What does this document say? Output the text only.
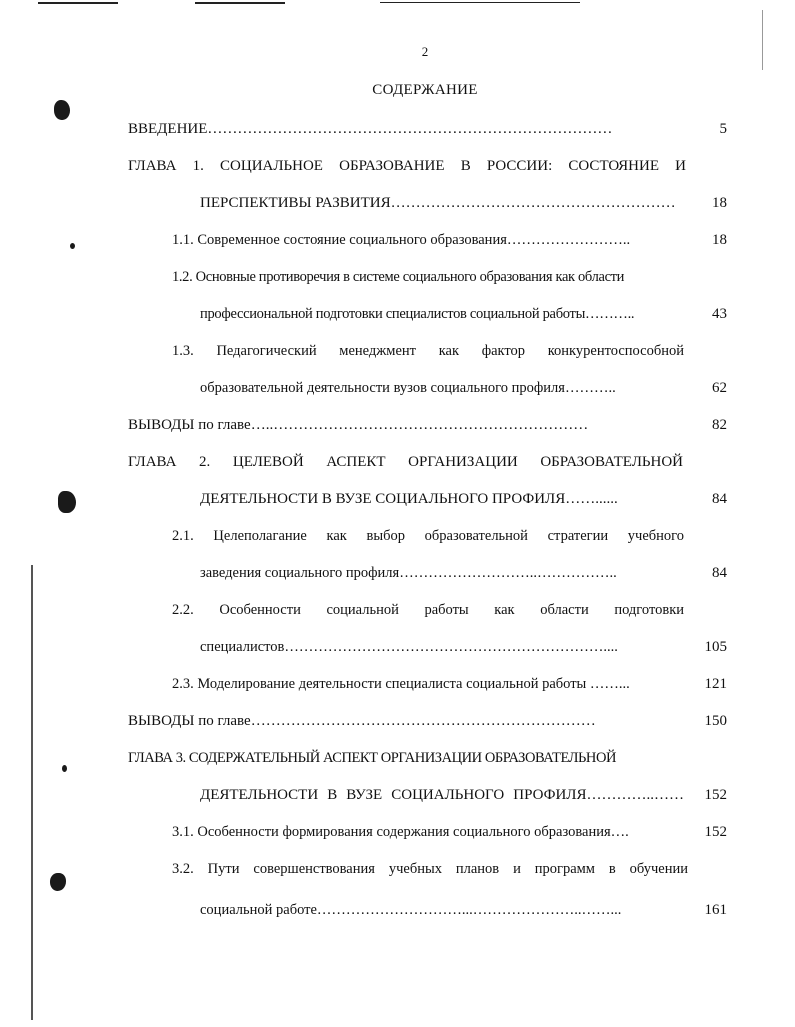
2
СОДЕРЖАНИЕ
ВВЕДЕНИЕ………………………………………………………………………	5
ГЛАВА 1. СОЦИАЛЬНОЕ ОБРАЗОВАНИЕ В РОССИИ: СОСТОЯНИЕ И
ПЕРСПЕКТИВЫ РАЗВИТИЯ…………………………………………………	18
1.1. Современное состояние социального образования……………………..	18
1.2. Основные противоречия в системе социального образования как области
профессиональной подготовки специалистов социальной работы………..	43
1.3. Педагогический менеджмент как фактор конкурентоспособной
образовательной деятельности вузов социального профиля………..	62
ВЫВОДЫ по главе…..………………………………………………………	82
ГЛАВА 2. ЦЕЛЕВОЙ АСПЕКТ ОРГАНИЗАЦИИ ОБРАЗОВАТЕЛЬНОЙ
ДЕЯТЕЛЬНОСТИ В ВУЗЕ СОЦИАЛЬНОГО ПРОФИЛЯ……......	84
2.1. Целеполагание как выбор образовательной стратегии учебного
заведения социального профиля………………………..……………..	84
2.2. Особенности социальной работы как области подготовки
специалистов…………………………………………………………....	105
2.3. Моделирование деятельности специалиста социальной работы ……...	121
ВЫВОДЫ по главе……………………………………………………………	150
ГЛАВА 3. СОДЕРЖАТЕЛЬНЫЙ АСПЕКТ ОРГАНИЗАЦИИ ОБРАЗОВАТЕЛЬНОЙ
ДЕЯТЕЛЬНОСТИ В ВУЗЕ СОЦИАЛЬНОГО ПРОФИЛЯ…………..……	152
3.1. Особенности формирования содержания социального образования….	152
3.2. Пути совершенствования учебных планов и программ в обучении
социальной работе…………………………...…………………..……...	161
